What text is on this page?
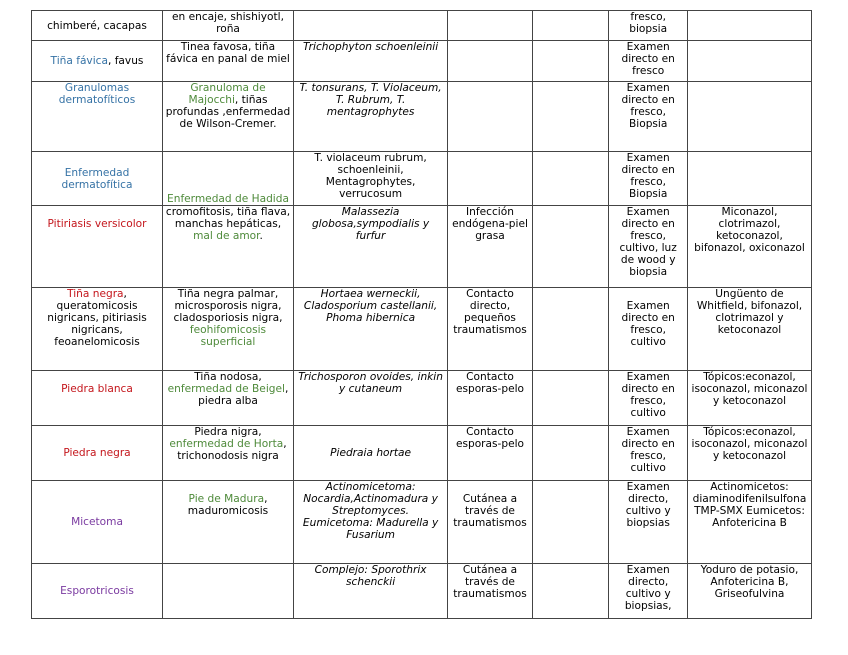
chimberé, cacapas	en encaje, shishiyotl, roña				fresco, biopsia	
Tiña fávica, favus	Tinea favosa, tiña fávica en panal de miel	Trichophyton schoenleinii			Examen directo en fresco	
Granulomas dermatofíticos	Granuloma de Majocchi, tiñas profundas ,enfermedad de Wilson-Cremer.	T. tonsurans, T. Violaceum, T. Rubrum, T. mentagrophytes			Examen directo en fresco, Biopsia	
Enfermedad dermatofítica	Enfermedad de Hadida	T. violaceum rubrum, schoenleinii, Mentagrophytes, verrucosum			Examen directo en fresco, Biopsia	
Pitiriasis versicolor	cromofitosis, tiña flava, manchas hepáticas, mal de amor.	Malassezia globosa,sympodialis y furfur	Infección endógena-piel grasa		Examen directo en fresco, cultivo, luz de wood y biopsia	Miconazol, clotrimazol, ketoconazol, bifonazol, oxiconazol
Tiña negra, queratomicosis nigricans, pitiriasis nigricans, feoanelomicosis	Tiña negra palmar, microsporosis nigra, cladosporiosis nigra, feohifomicosis superficial	Hortaea werneckii, Cladosporium castellanii, Phoma hibernica	Contacto directo, pequeños traumatismos		Examen directo en fresco, cultivo	Ungüento de Whitfield, bifonazol, clotrimazol y ketoconazol
Piedra blanca	Tiña nodosa, enfermedad de Beigel, piedra alba	Trichosporon ovoides, inkin y cutaneum	Contacto esporas-pelo		Examen directo en fresco, cultivo	Tópicos:econazol, isoconazol, miconazol y ketoconazol
Piedra negra	Piedra nigra, enfermedad de Horta, trichonodosis nigra	Piedraia hortae	Contacto esporas-pelo		Examen directo en fresco, cultivo	Tópicos:econazol, isoconazol, miconazol y ketoconazol
Micetoma	Pie de Madura, maduromicosis	Actinomicetoma: Nocardia,Actinomadura y Streptomyces. Eumicetoma: Madurella y Fusarium	Cutánea a través de traumatismos		Examen directo, cultivo y biopsias	Actinomicetos: diaminodifenilsulfona TMP-SMX Eumicetos: Anfotericina B
Esporotricosis		Complejo: Sporothrix schenckii	Cutánea a través de traumatismos		Examen directo, cultivo y biopsias,	Yoduro de potasio, Anfotericina B, Griseofulvina
